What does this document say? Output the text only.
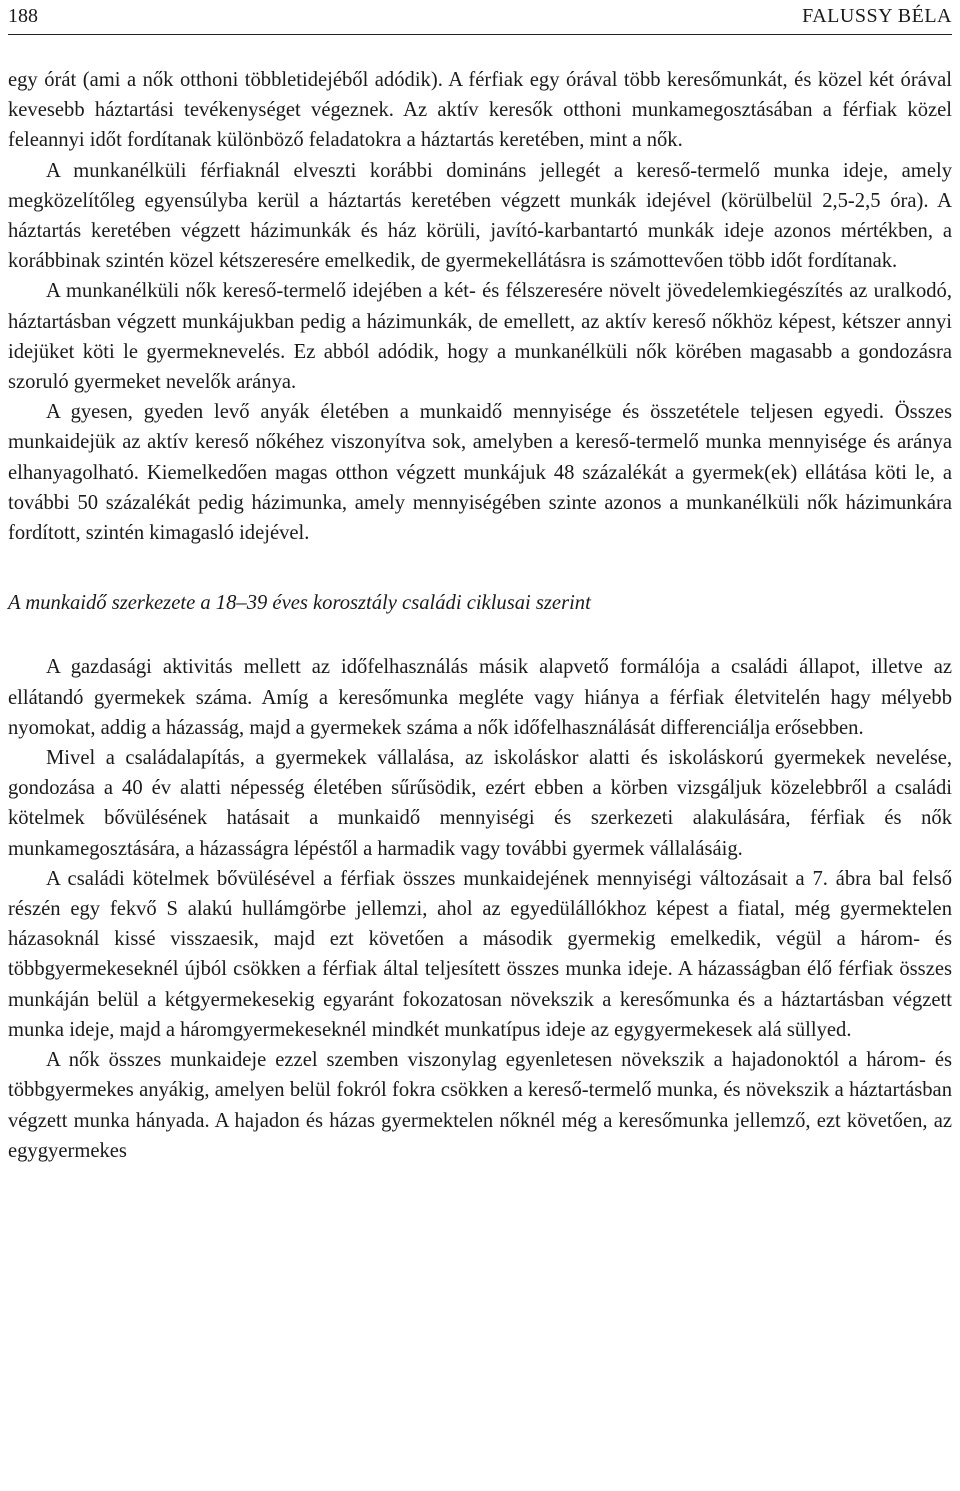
188	FALUSSY BÉLA

egy órát (ami a nők otthoni többletidejéből adódik). A férfiak egy órával több keresőmunkát, és közel két órával kevesebb háztartási tevékenységet végeznek. Az aktív keresők otthoni munkamegosztásában a férfiak közel feleannyi időt fordítanak különböző feladatokra a háztartás keretében, mint a nők.

A munkanélküli férfiaknál elveszti korábbi domináns jellegét a kereső-termelő munka ideje, amely megközelítőleg egyensúlyba kerül a háztartás keretében végzett munkák idejével (körülbelül 2,5-2,5 óra). A háztartás keretében végzett házimunkák és ház körüli, javító-karbantartó munkák ideje azonos mértékben, a korábbinak szintén közel kétszeresére emelkedik, de gyermekellátásra is számottevően több időt fordítanak.

A munkanélküli nők kereső-termelő idejében a két- és félszeresére növelt jövedelemkiegészítés az uralkodó, háztartásban végzett munkájukban pedig a házimunkák, de emellett, az aktív kereső nőkhöz képest, kétszer annyi idejüket köti le gyermeknevelés. Ez abból adódik, hogy a munkanélküli nők körében magasabb a gondozásra szoruló gyermeket nevelők aránya.

A gyesen, gyeden levő anyák életében a munkaidő mennyisége és összetétele teljesen egyedi. Összes munkaidejük az aktív kereső nőkéhez viszonyítva sok, amelyben a kereső-termelő munka mennyisége és aránya elhanyagolható. Kiemelkedően magas otthon végzett munkájuk 48 százalékát a gyermek(ek) ellátása köti le, a további 50 százalékát pedig házimunka, amely mennyiségében szinte azonos a munkanélküli nők házimunkára fordított, szintén kimagasló idejével.

A munkaidő szerkezete a 18–39 éves korosztály családi ciklusai szerint

A gazdasági aktivitás mellett az időfelhasználás másik alapvető formálója a családi állapot, illetve az ellátandó gyermekek száma. Amíg a keresőmunka megléte vagy hiánya a férfiak életvitelén hagy mélyebb nyomokat, addig a házasság, majd a gyermekek száma a nők időfelhasználását differenciálja erősebben.

Mivel a családalapítás, a gyermekek vállalása, az iskoláskor alatti és iskoláskorú gyermekek nevelése, gondozása a 40 év alatti népesség életében sűrűsödik, ezért ebben a körben vizsgáljuk közelebbről a családi kötelmek bővülésének hatásait a munkaidő mennyiségi és szerkezeti alakulására, férfiak és nők munkamegosztására, a házasságra lépéstől a harmadik vagy további gyermek vállalásáig.

A családi kötelmek bővülésével a férfiak összes munkaidejének mennyiségi változásait a 7. ábra bal felső részén egy fekvő S alakú hullámgörbe jellemzi, ahol az egyedülállókhoz képest a fiatal, még gyermektelen házasoknál kissé visszaesik, majd ezt követően a második gyermekig emelkedik, végül a három- és többgyermekeseknél újból csökken a férfiak által teljesített összes munka ideje. A házasságban élő férfiak összes munkáján belül a kétgyermekesekig egyaránt fokozatosan növekszik a keresőmunka és a háztartásban végzett munka ideje, majd a háromgyermekeseknél mindkét munkatípus ideje az egygyermekesek alá süllyed.

A nők összes munkaideje ezzel szemben viszonylag egyenletesen növekszik a hajadonoktól a három- és többgyermekes anyákig, amelyen belül fokról fokra csökken a kereső-termelő munka, és növekszik a háztartásban végzett munka hányada. A hajadon és házas gyermektelen nőknél még a keresőmunka jellemző, ezt követően, az egygyermekes
